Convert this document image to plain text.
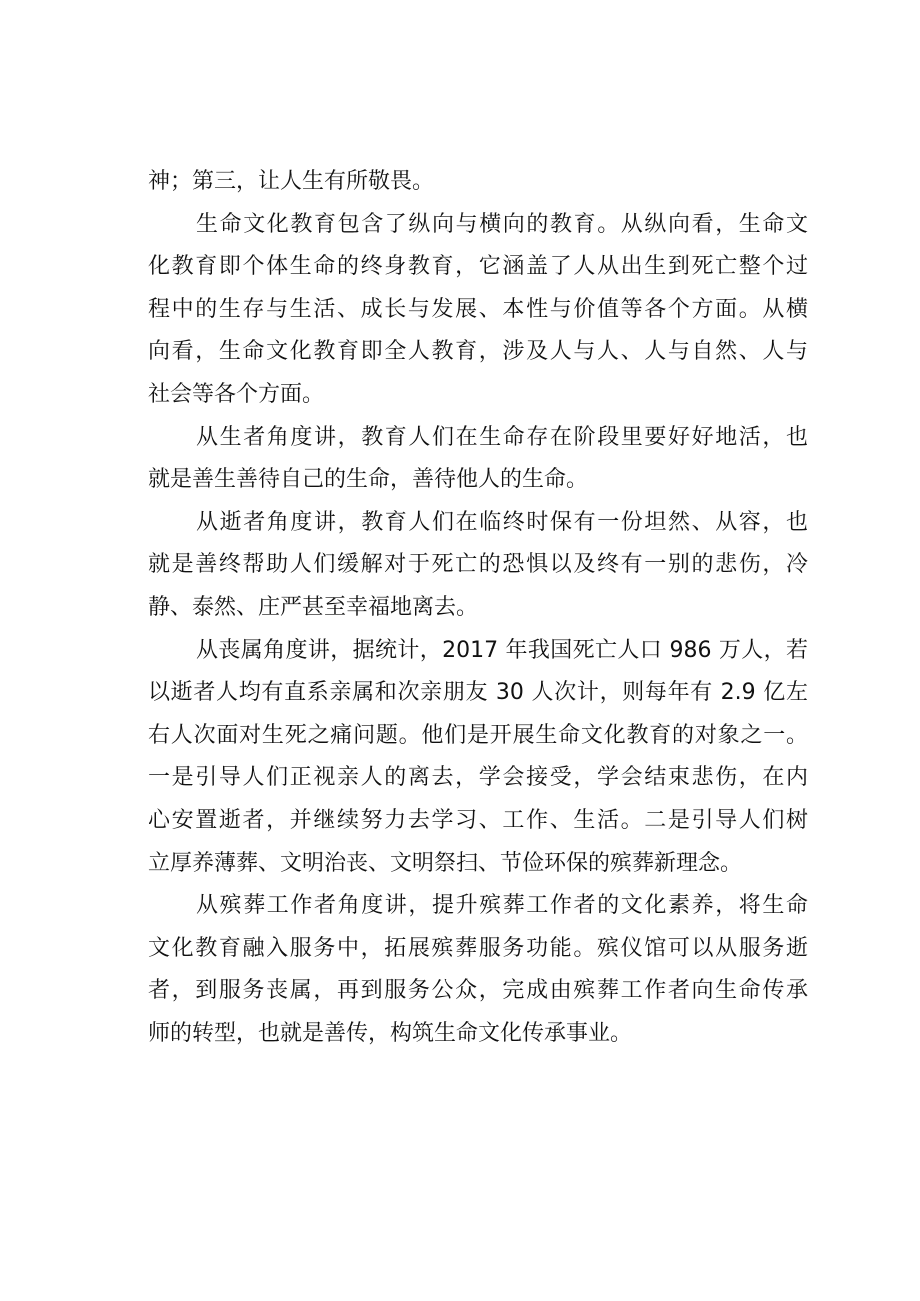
神；第三，让人生有所敬畏。
生命文化教育包含了纵向与横向的教育。从纵向看，生命文
化教育即个体生命的终身教育，它涵盖了人从出生到死亡整个过
程中的生存与生活、成长与发展、本性与价值等各个方面。从横
向看，生命文化教育即全人教育，涉及人与人、人与自然、人与
社会等各个方面。
从生者角度讲，教育人们在生命存在阶段里要好好地活，也
就是善生善待自己的生命，善待他人的生命。
从逝者角度讲，教育人们在临终时保有一份坦然、从容，也
就是善终帮助人们缓解对于死亡的恐惧以及终有一别的悲伤，冷
静、泰然、庄严甚至幸福地离去。
从丧属角度讲，据统计，2017 年我国死亡人口 986 万人，若
以逝者人均有直系亲属和次亲朋友 30 人次计，则每年有 2.9 亿左
右人次面对生死之痛问题。他们是开展生命文化教育的对象之一。
一是引导人们正视亲人的离去，学会接受，学会结束悲伤，在内
心安置逝者，并继续努力去学习、工作、生活。二是引导人们树
立厚养薄葬、文明治丧、文明祭扫、节俭环保的殡葬新理念。
从殡葬工作者角度讲，提升殡葬工作者的文化素养，将生命
文化教育融入服务中，拓展殡葬服务功能。殡仪馆可以从服务逝
者，到服务丧属，再到服务公众，完成由殡葬工作者向生命传承
师的转型，也就是善传，构筑生命文化传承事业。
